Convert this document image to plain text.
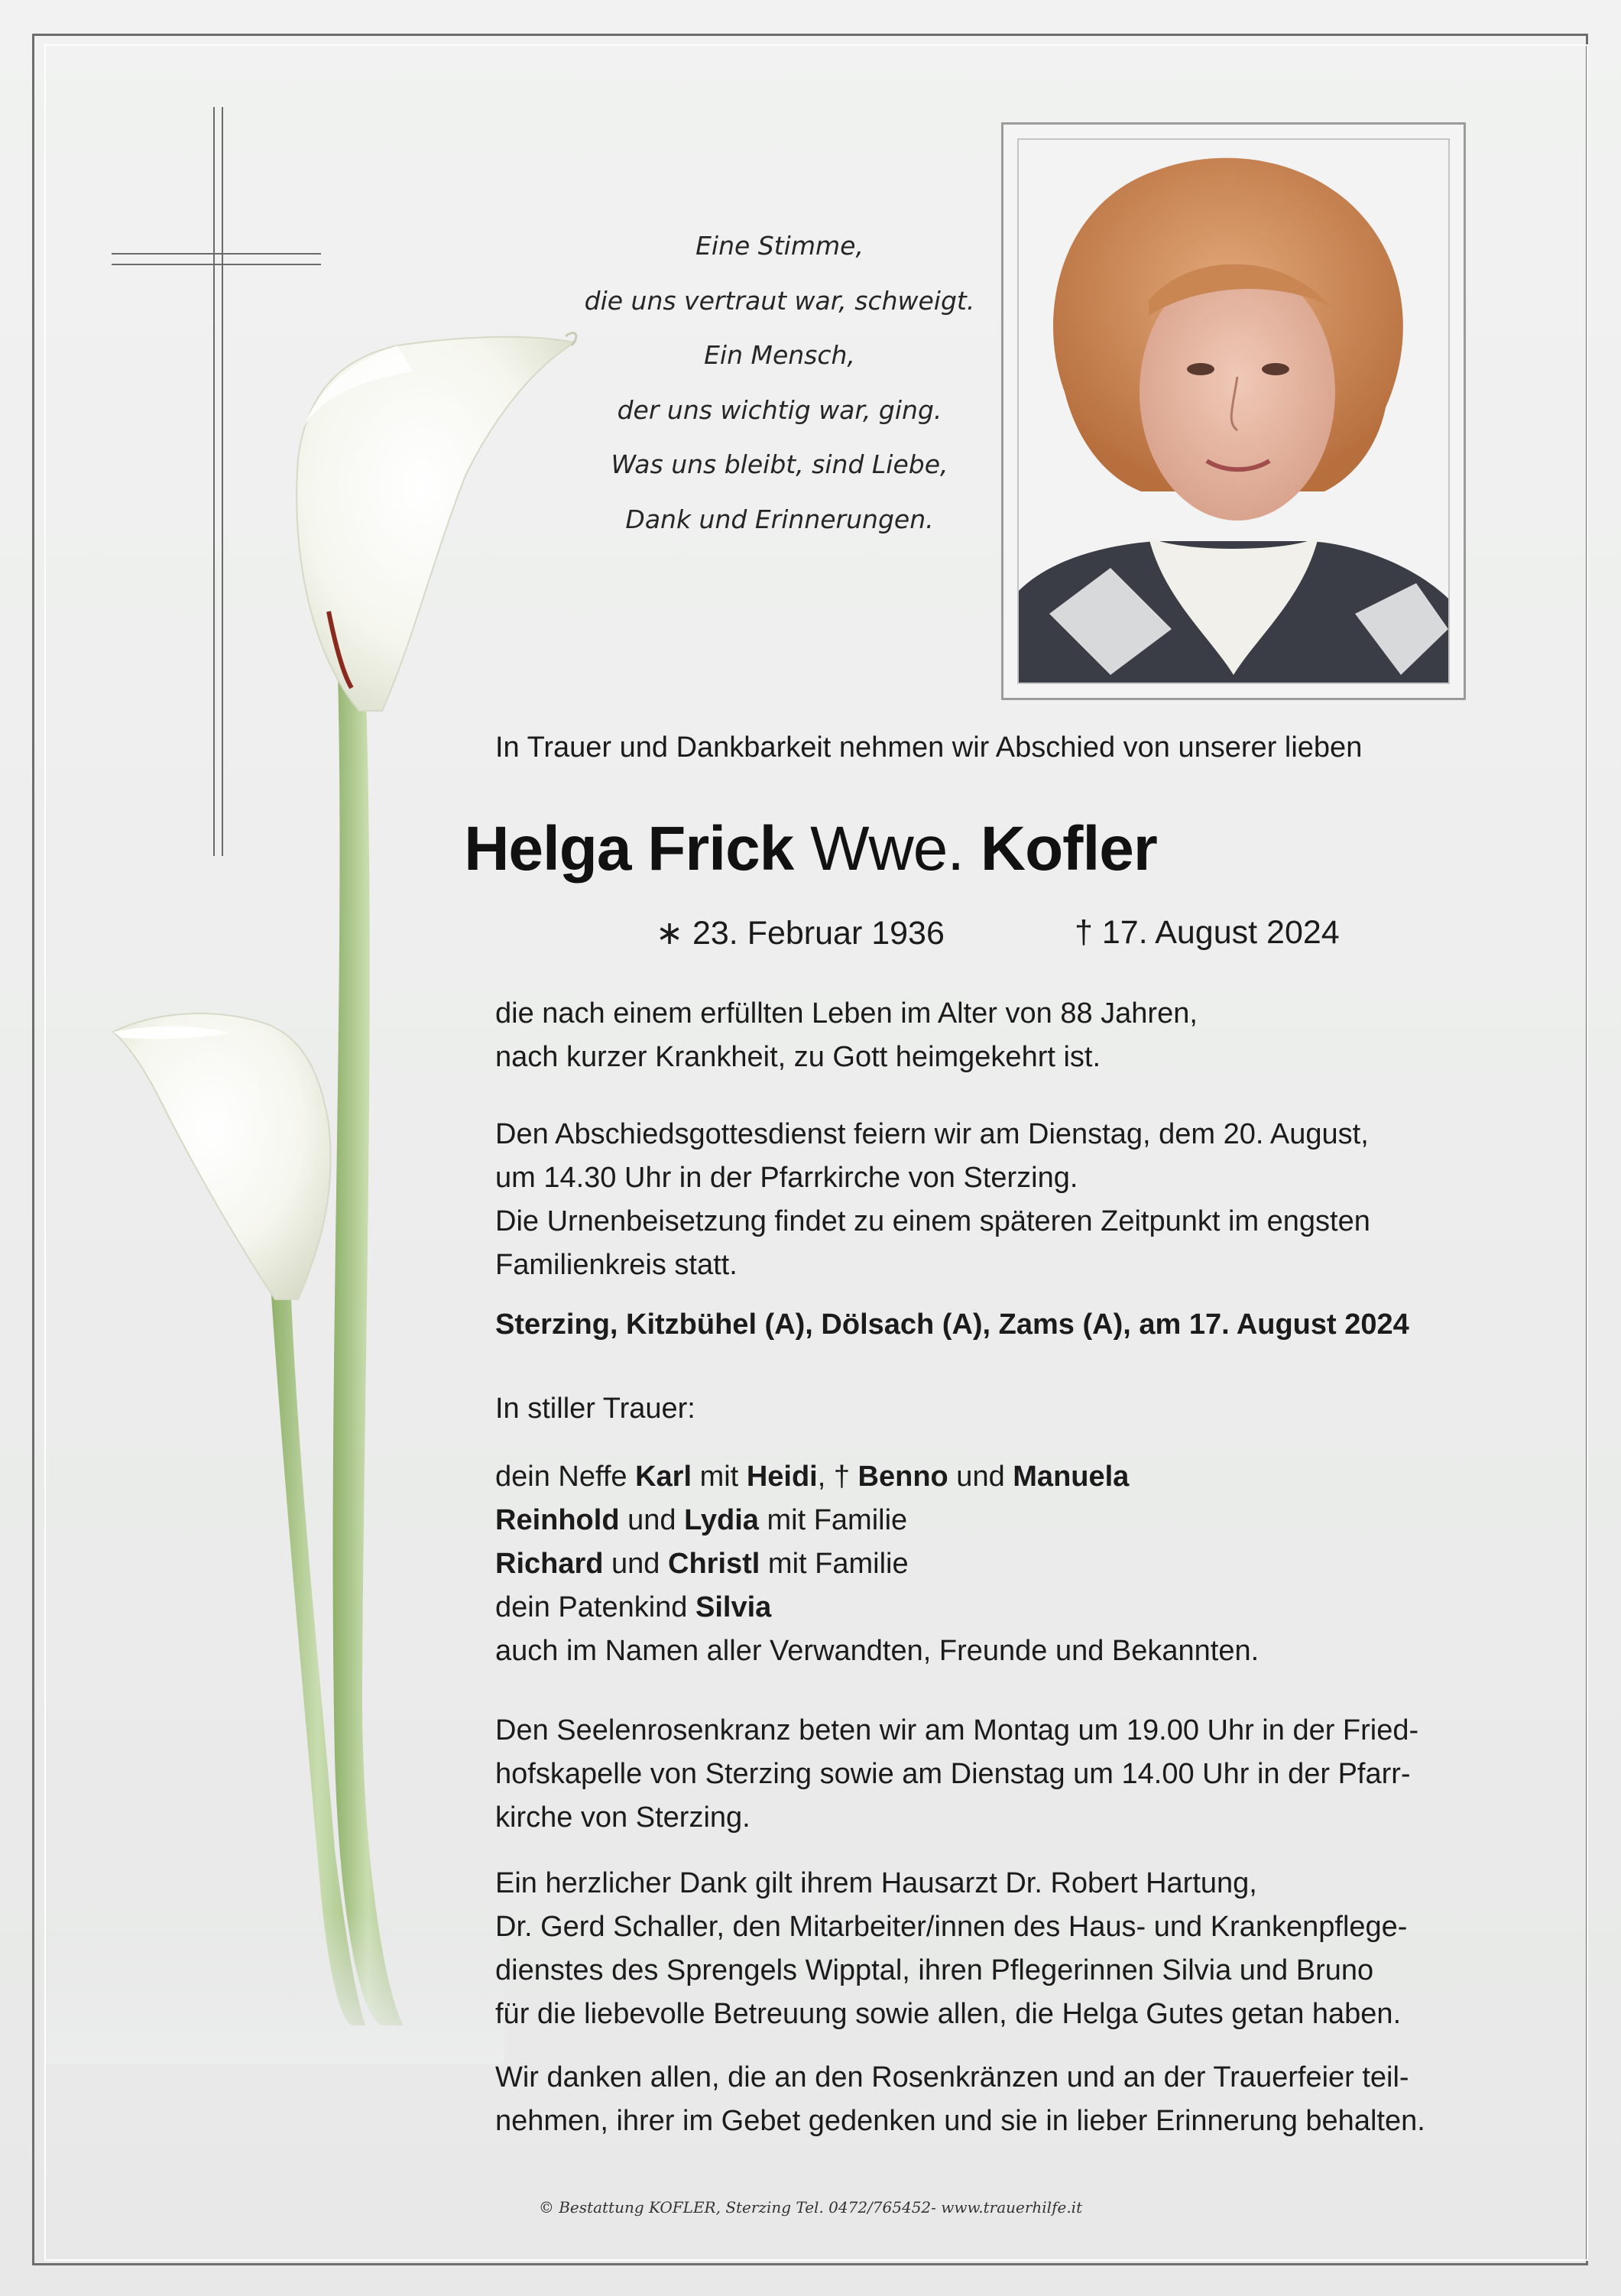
Eine Stimme,
die uns vertraut war, schweigt.
Ein Mensch,
der uns wichtig war, ging.
Was uns bleibt, sind Liebe,
Dank und Erinnerungen.
In Trauer und Dankbarkeit nehmen wir Abschied von unserer lieben
Helga Frick Wwe. Kofler
∗ 23. Februar 1936	† 17. August 2024
die nach einem erfüllten Leben im Alter von 88 Jahren,
nach kurzer Krankheit, zu Gott heimgekehrt ist.
Den Abschiedsgottesdienst feiern wir am Dienstag, dem 20. August,
um 14.30 Uhr in der Pfarrkirche von Sterzing.
Die Urnenbeisetzung findet zu einem späteren Zeitpunkt im engsten
Familienkreis statt.
Sterzing, Kitzbühel (A), Dölsach (A), Zams (A), am 17. August 2024
In stiller Trauer:
dein Neffe Karl mit Heidi, † Benno und Manuela
Reinhold und Lydia mit Familie
Richard und Christl mit Familie
dein Patenkind Silvia
auch im Namen aller Verwandten, Freunde und Bekannten.
Den Seelenrosenkranz beten wir am Montag um 19.00 Uhr in der Fried-
hofskapelle von Sterzing sowie am Dienstag um 14.00 Uhr in der Pfarr-
kirche von Sterzing.
Ein herzlicher Dank gilt ihrem Hausarzt Dr. Robert Hartung,
Dr. Gerd Schaller, den Mitarbeiter/innen des Haus- und Krankenpflege-
dienstes des Sprengels Wipptal, ihren Pflegerinnen Silvia und Bruno
für die liebevolle Betreuung sowie allen, die Helga Gutes getan haben.
Wir danken allen, die an den Rosenkränzen und an der Trauerfeier teil-
nehmen, ihrer im Gebet gedenken und sie in lieber Erinnerung behalten.
© Bestattung KOFLER, Sterzing Tel. 0472/765452- www.trauerhilfe.it
